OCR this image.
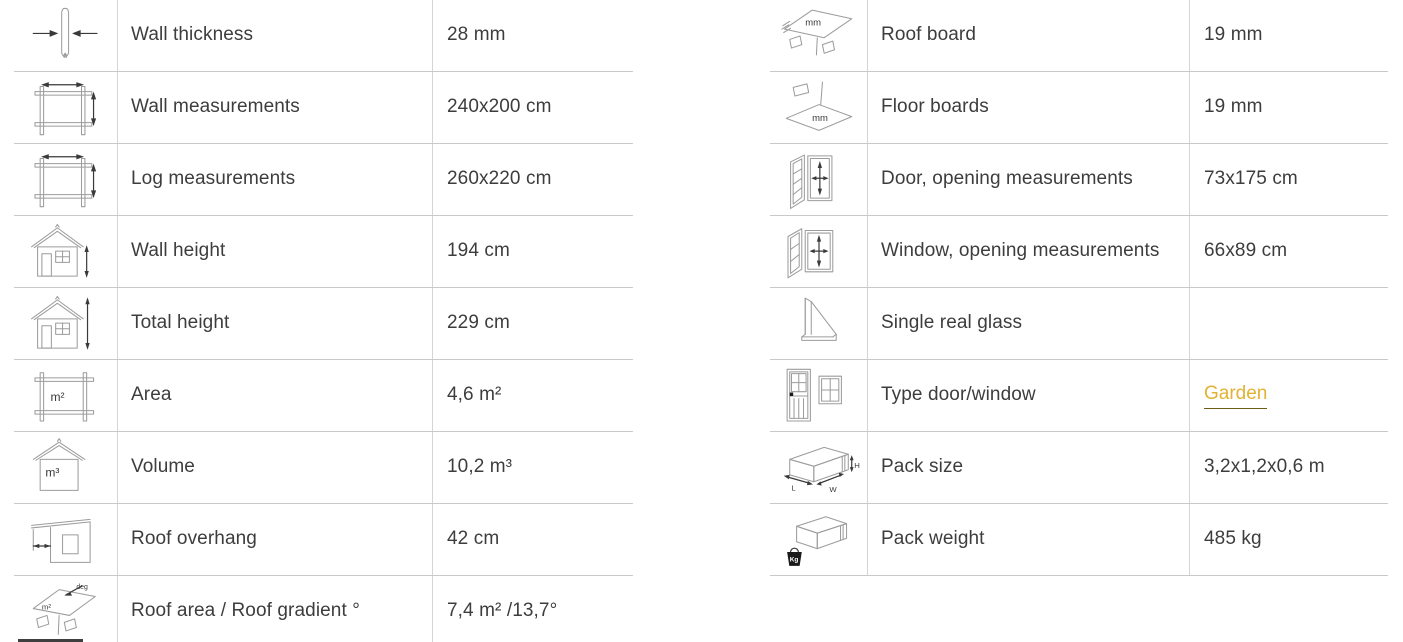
Wall thickness	28 mm
Wall measurements	240x200 cm
Log measurements	260x220 cm
Wall height	194 cm
Total height	229 cm
Area	4,6 m²
Volume	10,2 m³
Roof overhang	42 cm
Roof area / Roof gradient °	7,4 m² /13,7°
Roof board	19 mm
Floor boards	19 mm
Door, opening measurements	73x175 cm
Window, opening measurements 66x89 cm
Single real glass
Type door/window	Garden
Pack size	3,2x1,2x0,6 m
Pack weight	485 kg
